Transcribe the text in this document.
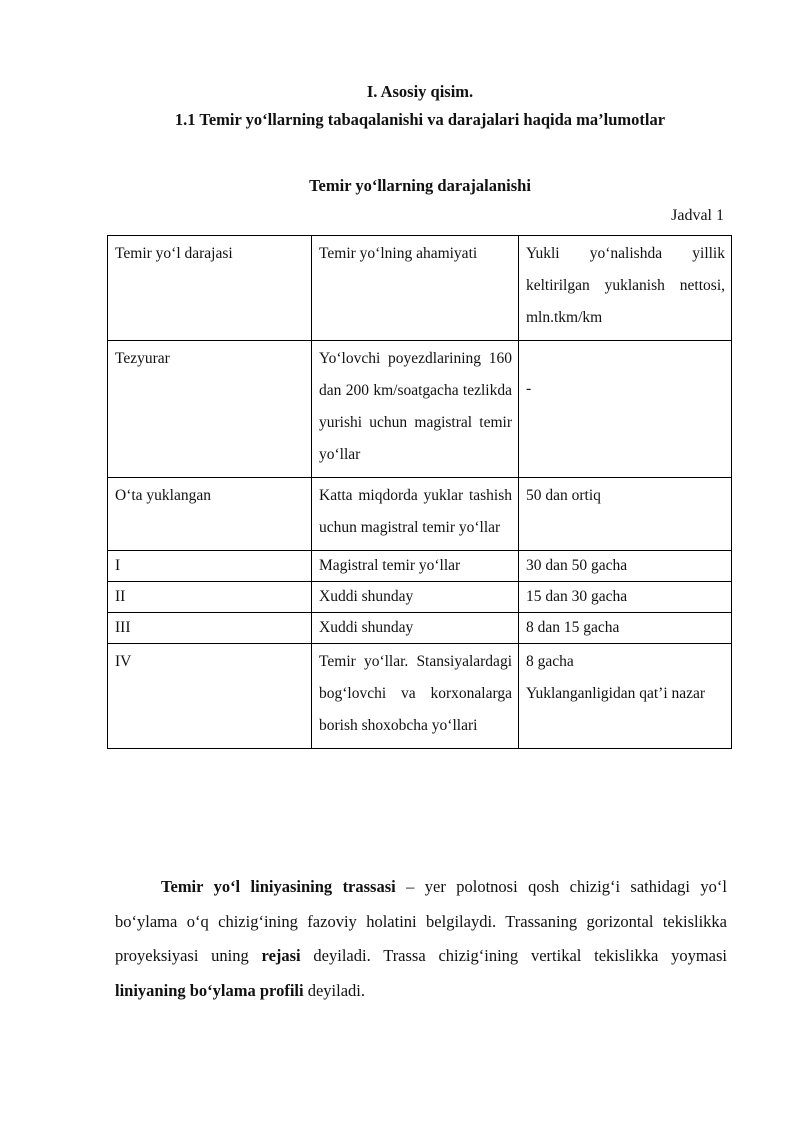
I. Asosiy qisim.

1.1 Temir yo‘llarning tabaqalanishi va darajalari haqida ma’lumotlar

Temir yo‘llarning darajalanishi

Jadval 1
Temir yo‘l darajasi	Temir yo‘lning ahamiyati	Yukli yo‘nalishda yillik keltirilgan yuklanish nettosi, mln.tkm/km
Tezyurar	Yo‘lovchi poyezdlarining 160 dan 200 km/soatgacha tezlikda yurishi uchun magistral temir yo‘llar	-
O‘ta yuklangan	Katta miqdorda yuklar tashish uchun magistral temir yo‘llar	50 dan ortiq
I	Magistral temir yo‘llar	30 dan 50 gacha
II	Xuddi shunday	15 dan 30 gacha
III	Xuddi shunday	8 dan 15 gacha
IV	Temir yo‘llar. Stansiyalardagi bog‘lovchi va korxonalarga borish shoxobcha yo‘llari	8 gacha
Yuklanganligidan qat’i nazar

Temir yo‘l liniyasining trassasi – yer polotnosi qosh chizig‘i sathidagi yo‘l bo‘ylama o‘q chizig‘ining fazoviy holatini belgilaydi. Trassaning gorizontal tekislikka proyeksiyasi uning rejasi deyiladi. Trassa chizig‘ining vertikal tekislikka yoymasi liniyaning bo‘ylama profili deyiladi.
